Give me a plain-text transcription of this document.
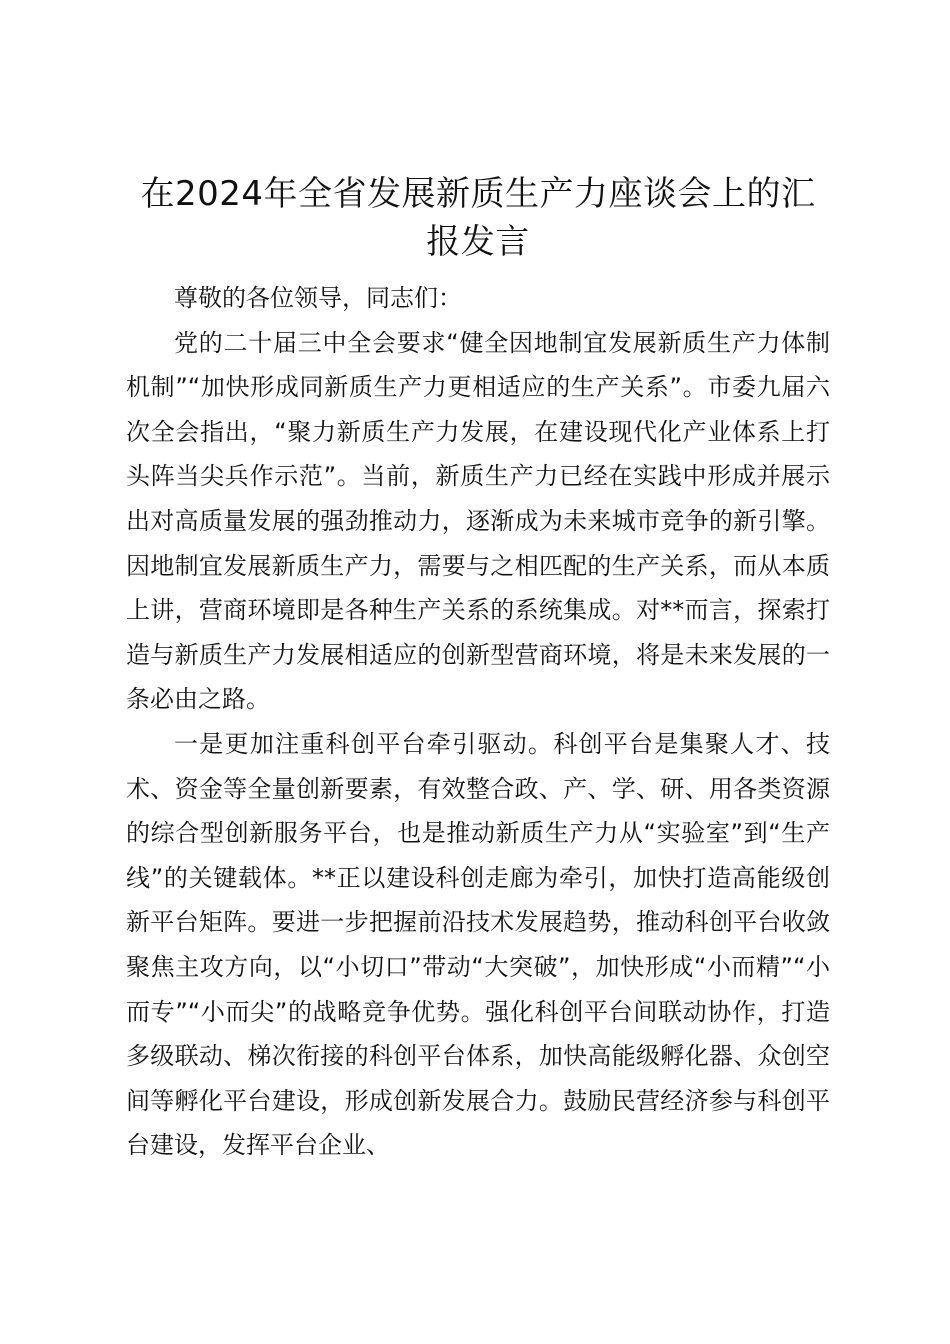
在2024年全省发展新质生产力座谈会上的汇报发言

尊敬的各位领导，同志们：

党的二十届三中全会要求“健全因地制宜发展新质生产力体制机制”“加快形成同新质生产力更相适应的生产关系”。市委九届六次全会指出，“聚力新质生产力发展，在建设现代化产业体系上打头阵当尖兵作示范”。当前，新质生产力已经在实践中形成并展示出对高质量发展的强劲推动力，逐渐成为未来城市竞争的新引擎。因地制宜发展新质生产力，需要与之相匹配的生产关系，而从本质上讲，营商环境即是各种生产关系的系统集成。对**而言，探索打造与新质生产力发展相适应的创新型营商环境，将是未来发展的一条必由之路。

一是更加注重科创平台牵引驱动。科创平台是集聚人才、技术、资金等全量创新要素，有效整合政、产、学、研、用各类资源的综合型创新服务平台，也是推动新质生产力从“实验室”到“生产线”的关键载体。**正以建设科创走廊为牵引，加快打造高能级创新平台矩阵。要进一步把握前沿技术发展趋势，推动科创平台收敛聚焦主攻方向，以“小切口”带动“大突破”，加快形成“小而精”“小而专”“小而尖”的战略竞争优势。强化科创平台间联动协作，打造多级联动、梯次衔接的科创平台体系，加快高能级孵化器、众创空间等孵化平台建设，形成创新发展合力。鼓励民营经济参与科创平台建设，发挥平台企业、
